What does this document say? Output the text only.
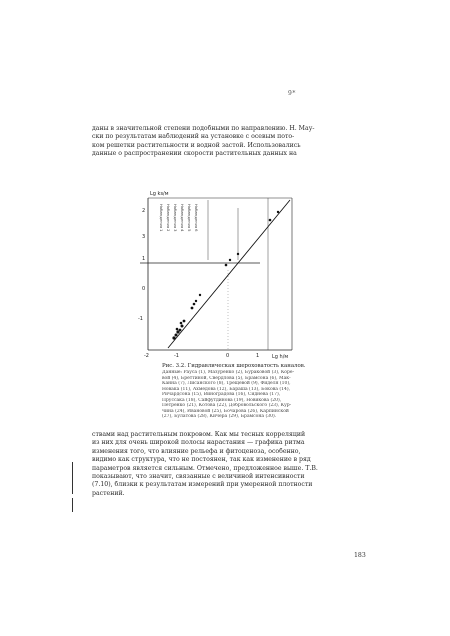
9*
даны в значительной степени подобными по направлению. Н. Мау-
ски по результатам наблюдений на установке с осевым пото-
ком решетки растительности и водной застой. Использовались
данные о распространении скорости растительных данных на
Наблюдения 1 Наблюдения 2 Наблюдения 3 Наблюдения 4 Наблюдения 5 Наблюдения 6
Lg ks/м
Lg h/м
2
3
1
0
-1
-2	-1	0	1
Рис. 3.2. Гидравлическая шероховатость каналов.
Данные: Рауса (1), Мазуренко (2), Бураковой (3), Коре-
вой (4), Бреттиной, Свердлова (5), Брамсона (6), Мак-
Канна (7), Лисанского (8), Трещёвой (9), Фиделя (10),
Новака (11), Ахмедова (12), Бараша (13), Бокова (14),
Ричардсона (15), Виноградова (16), Сиднева (17),
Пруссака (18), Сайфутдинова (19), Новикова (20),
Петренко (21), Котова (22), Добровольского (23), Кур-
чина (24), Ивановой (25), Бочарова (26), Карпинской
(27), Булатова (28), Кичера (29), Брамсона (30).
ствами над растительным покровом. Как мы тесных корреляций
из них для очень широкой полосы нарастания — графика ритма
изменения того, что влияние рельефа и фитоценоза, особенно,
видимо как структура, что не постоянен, так как изменение в ряд
параметров является сильным. Отмечено, предложенное выше. Т.В.
показывают, что значит, связанные с величиной интенсивности
(7.10), близки к результатам измерений при умеренной плотности
растений.
183
